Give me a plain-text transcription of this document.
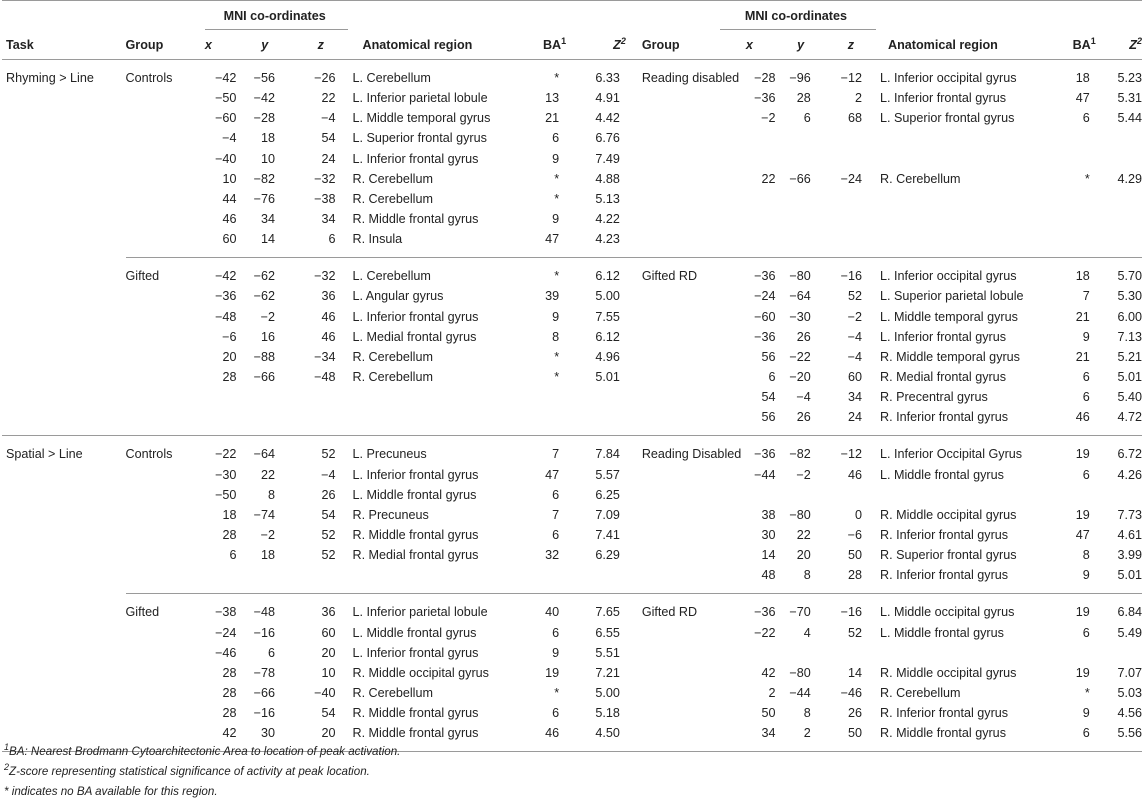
		MNI co-ordinates							MNI co-ordinates		

Task	Group	x	y	z	Anatomical region	$BA^1$	$Z^2$	Group	x	y	z	Anatomical region	$BA^1$	$Z^2$
Rhyming > Line	Controls	−42	−56	−26	L. Cerebellum	*	6.33	Reading disabled	−28	−96	−12	L. Inferior occipital gyrus	18	5.23
		−50	−42	22	L. Inferior parietal lobule	13	4.91		−36	28	2	L. Inferior frontal gyrus	47	5.31
		−60	−28	−4	L. Middle temporal gyrus	21	4.42		−2	6	68	L. Superior frontal gyrus	6	5.44
		−4	18	54	L. Superior frontal gyrus	6	6.76							
		−40	10	24	L. Inferior frontal gyrus	9	7.49							
		10	−82	−32	R. Cerebellum	*	4.88		22	−66	−24	R. Cerebellum	*	4.29
		44	−76	−38	R. Cerebellum	*	5.13							
		46	34	34	R. Middle frontal gyrus	9	4.22							
		60	14	6	R. Insula	47	4.23							
	Gifted	−42	−62	−32	L. Cerebellum	*	6.12	Gifted RD	−36	−80	−16	L. Inferior occipital gyrus	18	5.70
		−36	−62	36	L. Angular gyrus	39	5.00		−24	−64	52	L. Superior parietal lobule	7	5.30
		−48	−2	46	L. Inferior frontal gyrus	9	7.55		−60	−30	−2	L. Middle temporal gyrus	21	6.00
		−6	16	46	L. Medial frontal gyrus	8	6.12		−36	26	−4	L. Inferior frontal gyrus	9	7.13
		20	−88	−34	R. Cerebellum	*	4.96		56	−22	−4	R. Middle temporal gyrus	21	5.21
		28	−66	−48	R. Cerebellum	*	5.01		6	−20	60	R. Medial frontal gyrus	6	5.01
									54	−4	34	R. Precentral gyrus	6	5.40
									56	26	24	R. Inferior frontal gyrus	46	4.72
Spatial > Line	Controls	−22	−64	52	L. Precuneus	7	7.84	Reading Disabled	−36	−82	−12	L. Inferior Occipital Gyrus	19	6.72
		−30	22	−4	L. Inferior frontal gyrus	47	5.57		−44	−2	46	L. Middle frontal gyrus	6	4.26
		−50	8	26	L. Middle frontal gyrus	6	6.25							
		18	−74	54	R. Precuneus	7	7.09		38	−80	0	R. Middle occipital gyrus	19	7.73
		28	−2	52	R. Middle frontal gyrus	6	7.41		30	22	−6	R. Inferior frontal gyrus	47	4.61
		6	18	52	R. Medial frontal gyrus	32	6.29		14	20	50	R. Superior frontal gyrus	8	3.99
									48	8	28	R. Inferior frontal gyrus	9	5.01
	Gifted	−38	−48	36	L. Inferior parietal lobule	40	7.65	Gifted RD	−36	−70	−16	L. Middle occipital gyrus	19	6.84
		−24	−16	60	L. Middle frontal gyrus	6	6.55		−22	4	52	L. Middle frontal gyrus	6	5.49
		−46	6	20	L. Inferior frontal gyrus	9	5.51							
		28	−78	10	R. Middle occipital gyrus	19	7.21		42	−80	14	R. Middle occipital gyrus	19	7.07
		28	−66	−40	R. Cerebellum	*	5.00		2	−44	−46	R. Cerebellum	*	5.03
		28	−16	54	R. Middle frontal gyrus	6	5.18		50	8	26	R. Inferior frontal gyrus	9	4.56
		42	30	20	R. Middle frontal gyrus	46	4.50		34	2	50	R. Middle frontal gyrus	6	5.56
$^1$BA: Nearest Brodmann Cytoarchitectonic Area to location of peak activation.
$^2$Z-score representing statistical significance of activity at peak location.
* indicates no BA available for this region.
